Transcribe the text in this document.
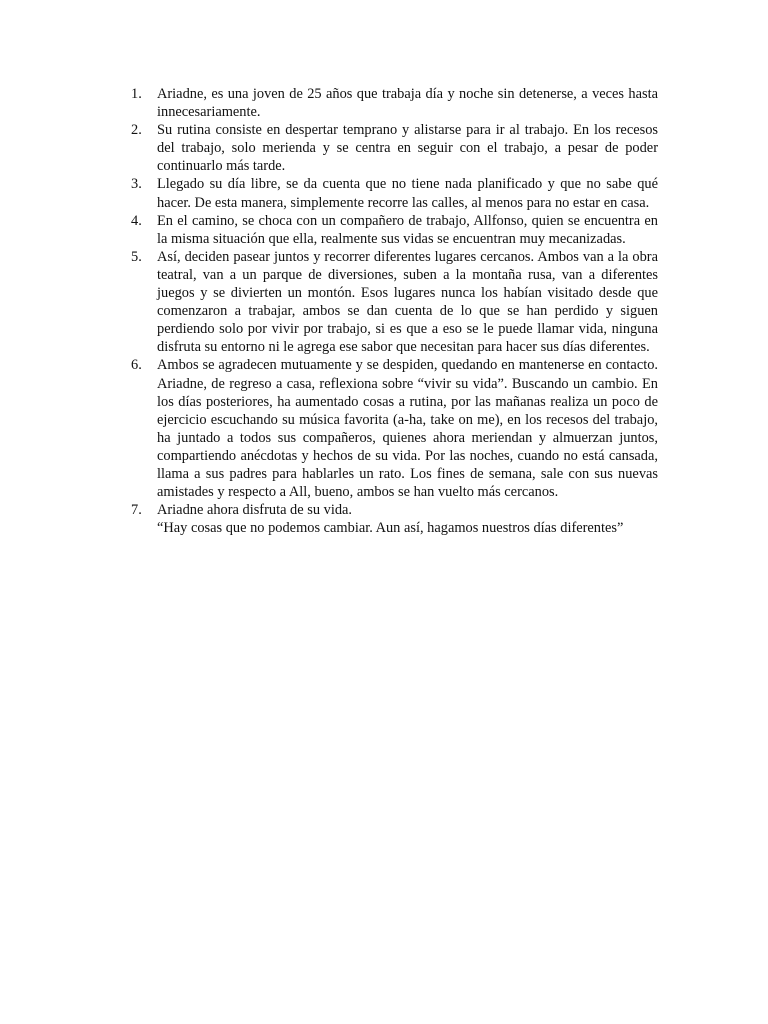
1. Ariadne, es una joven de 25 años que trabaja día y noche sin detenerse, a veces hasta innecesariamente.
2. Su rutina consiste en despertar temprano y alistarse para ir al trabajo. En los recesos del trabajo, solo merienda y se centra en seguir con el trabajo, a pesar de poder continuarlo más tarde.
3. Llegado su día libre, se da cuenta que no tiene nada planificado y que no sabe qué hacer. De esta manera, simplemente recorre las calles, al menos para no estar en casa.
4. En el camino, se choca con un compañero de trabajo, Allfonso, quien se encuentra en la misma situación que ella, realmente sus vidas se encuentran muy mecanizadas.
5. Así, deciden pasear juntos y recorrer diferentes lugares cercanos. Ambos van a la obra teatral, van a un parque de diversiones, suben a la montaña rusa, van a diferentes juegos y se divierten un montón. Esos lugares nunca los habían visitado desde que comenzaron a trabajar, ambos se dan cuenta de lo que se han perdido y siguen perdiendo solo por vivir por trabajo, si es que a eso se le puede llamar vida, ninguna disfruta su entorno ni le agrega ese sabor que necesitan para hacer sus días diferentes.
6. Ambos se agradecen mutuamente y se despiden, quedando en mantenerse en contacto. Ariadne, de regreso a casa, reflexiona sobre “vivir su vida”. Buscando un cambio. En los días posteriores, ha aumentado cosas a rutina, por las mañanas realiza un poco de ejercicio escuchando su música favorita (a-ha, take on me), en los recesos del trabajo, ha juntado a todos sus compañeros, quienes ahora meriendan y almuerzan juntos, compartiendo anécdotas y hechos de su vida. Por las noches, cuando no está cansada, llama a sus padres para hablarles un rato. Los fines de semana, sale con sus nuevas amistades y respecto a All, bueno, ambos se han vuelto más cercanos.
7. Ariadne ahora disfruta de su vida.
“Hay cosas que no podemos cambiar. Aun así, hagamos nuestros días diferentes”
